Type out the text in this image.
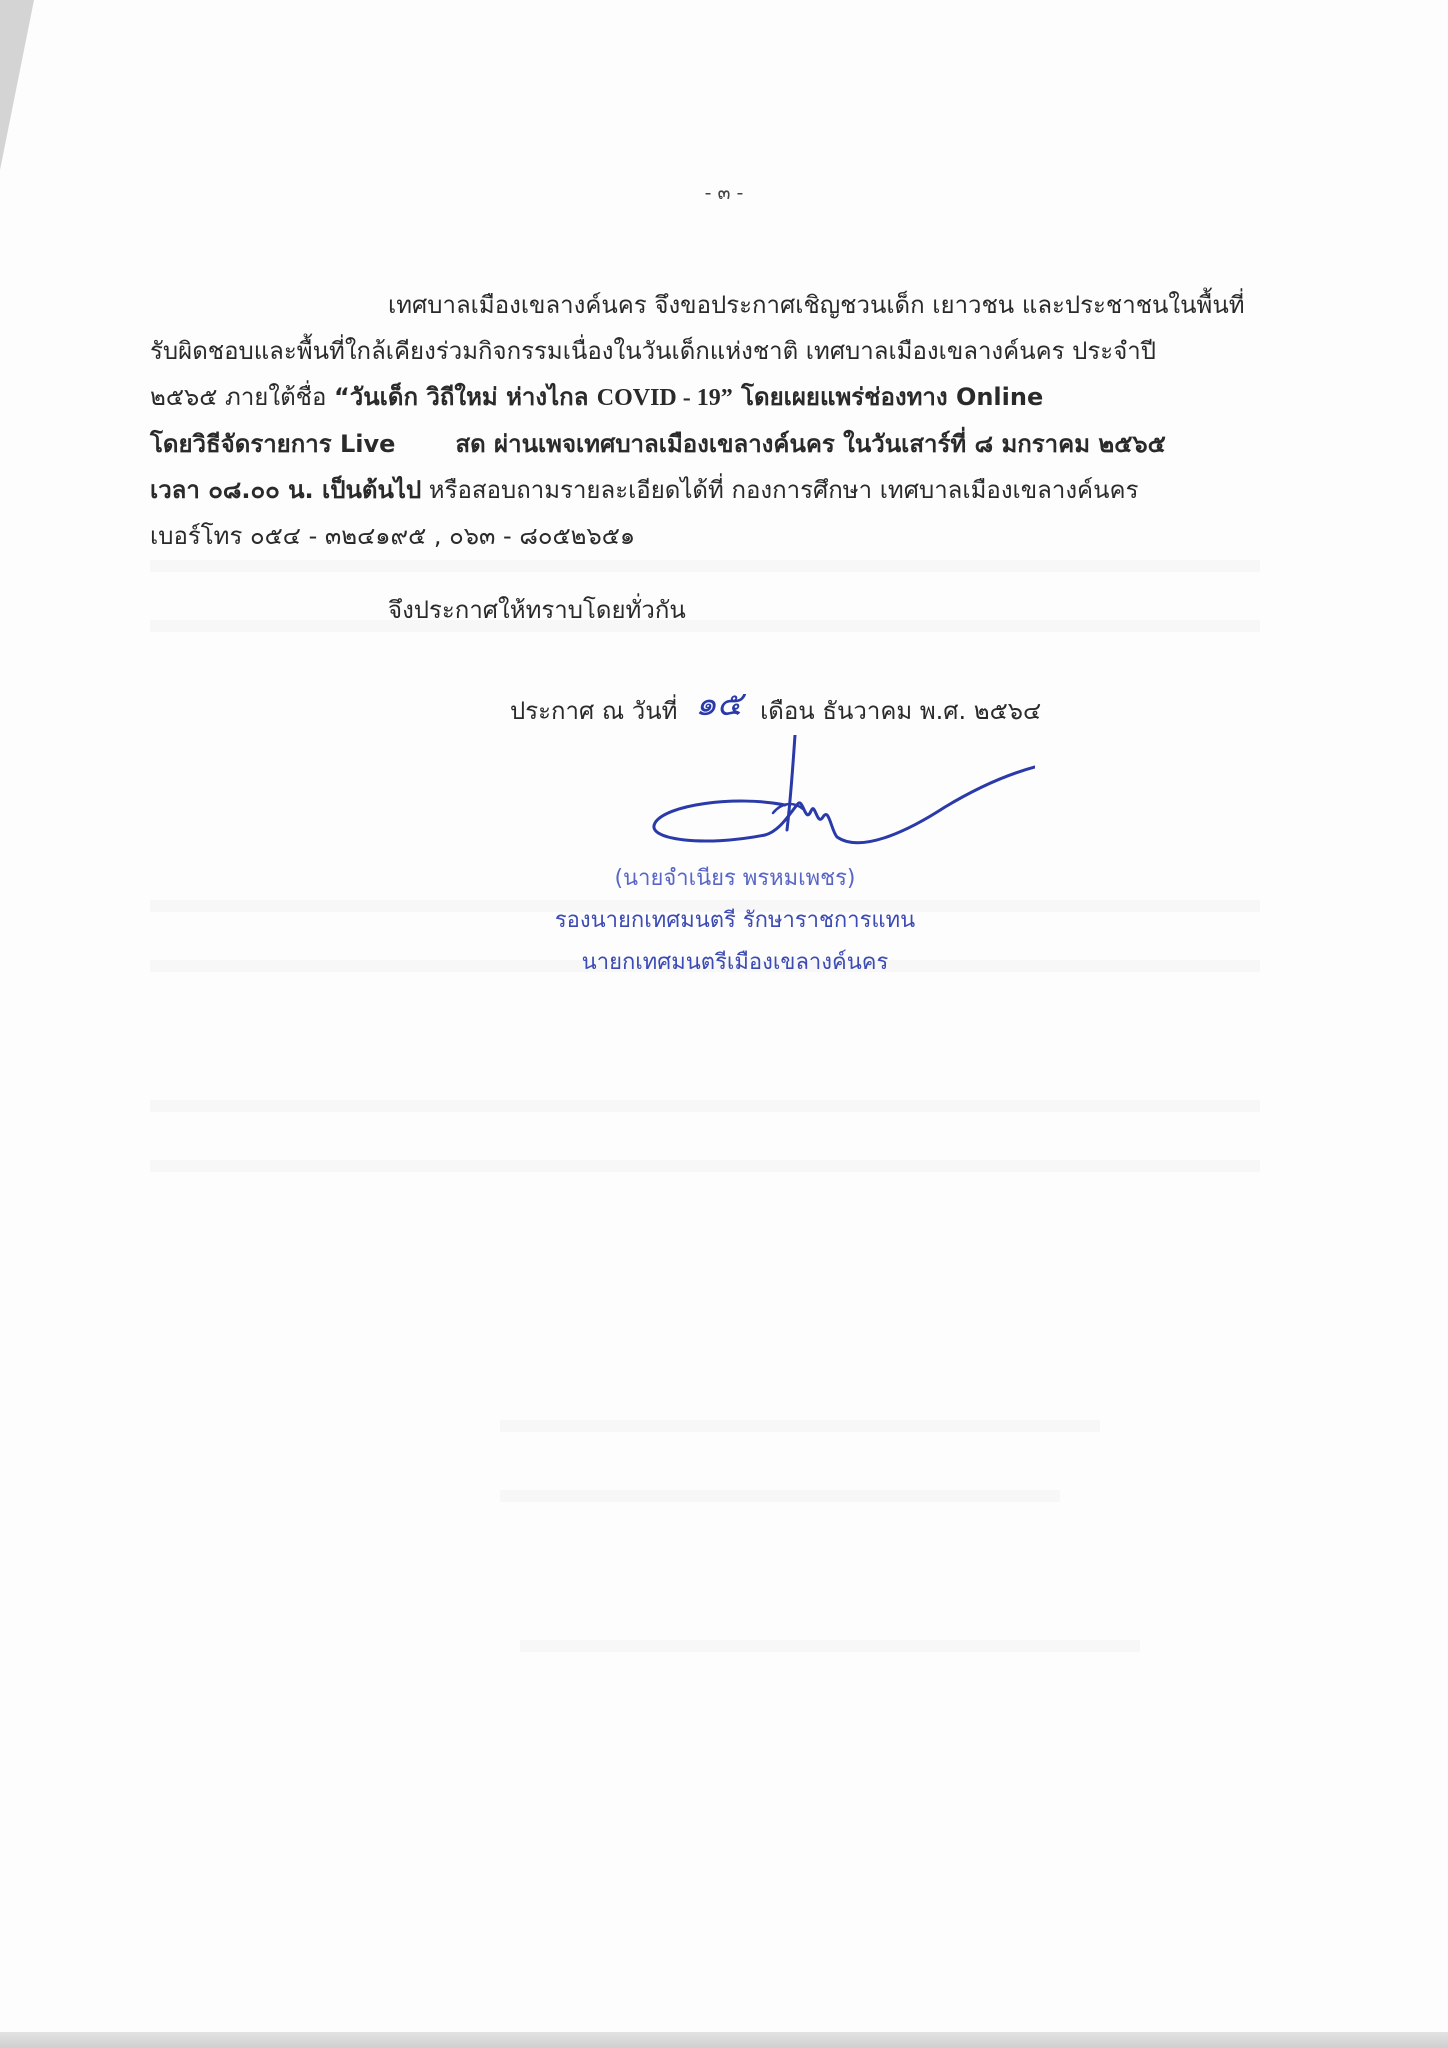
- ๓ -

เทศบาลเมืองเขลางค์นคร จึงขอประกาศเชิญชวนเด็ก เยาวชน และประชาชนในพื้นที่
รับผิดชอบและพื้นที่ใกล้เคียงร่วมกิจกรรมเนื่องในวันเด็กแห่งชาติ เทศบาลเมืองเขลางค์นคร ประจำปี
๒๕๖๕ ภายใต้ชื่อ “วันเด็ก วิถีใหม่ ห่างไกล COVID - 19” โดยเผยแพร่ช่องทาง Online
โดยวิธีจัดรายการ Live	สด ผ่านเพจเทศบาลเมืองเขลางค์นคร ในวันเสาร์ที่ ๘ มกราคม ๒๕๖๕
เวลา ๐๘.๐๐ น. เป็นต้นไป หรือสอบถามรายละเอียดได้ที่ กองการศึกษา เทศบาลเมืองเขลางค์นคร
เบอร์โทร ๐๕๔ - ๓๒๔๑๙๕ , ๐๖๓ - ๘๐๕๒๖๕๑

จึงประกาศให้ทราบโดยทั่วกัน
ประกาศ ณ วันที่ ๑๕ เดือน ธันวาคม พ.ศ. ๒๕๖๔
(นายจำเนียร พรหมเพชร)
รองนายกเทศมนตรี รักษาราชการแทน
นายกเทศมนตรีเมืองเขลางค์นคร
